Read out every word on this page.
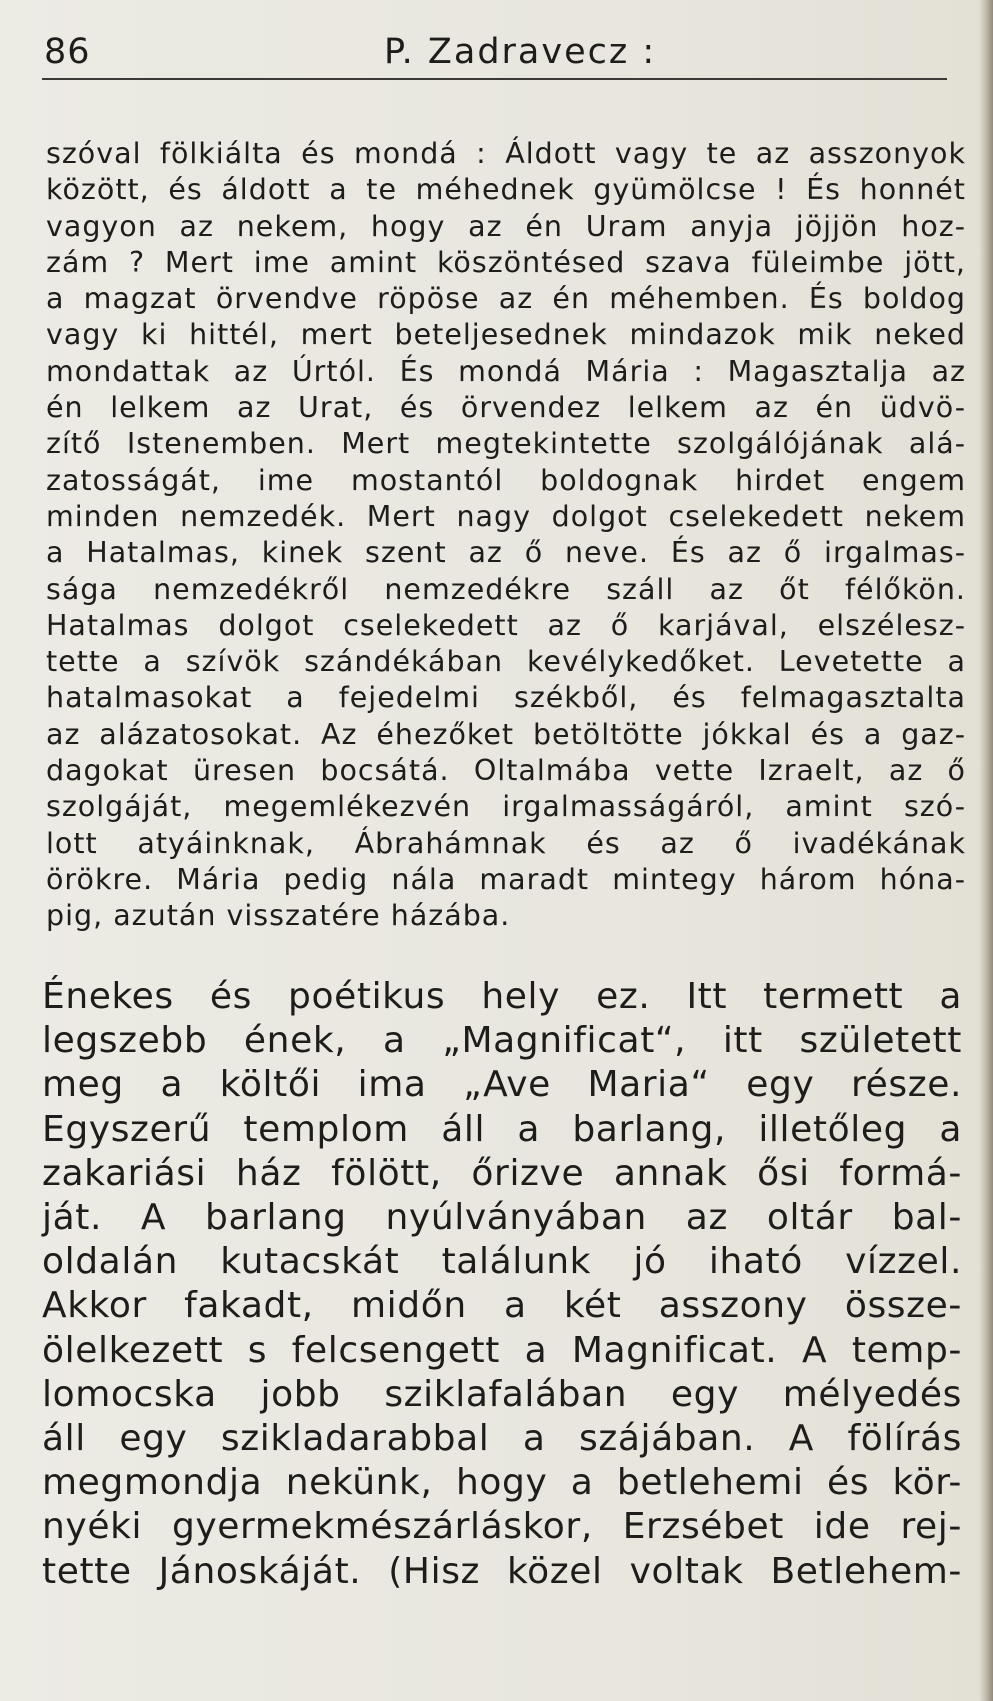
86	P. Zadravecz :
szóval fölkiálta és mondá : Áldott vagy te az asszonyok
között, és áldott a te méhednek gyümölcse ! És honnét
vagyon az nekem, hogy az én Uram anyja jöjjön hoz-
zám ? Mert ime amint köszöntésed szava füleimbe jött,
a magzat örvendve röpöse az én méhemben. És boldog
vagy ki hittél, mert beteljesednek mindazok mik neked
mondattak az Úrtól. És mondá Mária : Magasztalja az
én lelkem az Urat, és örvendez lelkem az én üdvö-
zítő Istenemben. Mert megtekintette szolgálójának alá-
zatosságát, ime mostantól boldognak hirdet engem
minden nemzedék. Mert nagy dolgot cselekedett nekem
a Hatalmas, kinek szent az ő neve. És az ő irgalmas-
sága nemzedékről nemzedékre száll az őt félőkön.
Hatalmas dolgot cselekedett az ő karjával, elszélesz-
tette a szívök szándékában kevélykedőket. Levetette a
hatalmasokat a fejedelmi székből, és felmagasztalta
az alázatosokat. Az éhezőket betöltötte jókkal és a gaz-
dagokat üresen bocsátá. Oltalmába vette Izraelt, az ő
szolgáját, megemlékezvén irgalmasságáról, amint szó-
lott atyáinknak, Ábrahámnak és az ő ivadékának
örökre. Mária pedig nála maradt mintegy három hóna-
pig, azután visszatére házába.
Énekes és poétikus hely ez. Itt termett a
legszebb ének, a „Magnificat“, itt született
meg a költői ima „Ave Maria“ egy része.
Egyszerű templom áll a barlang, illetőleg a
zakariási ház fölött, őrizve annak ősi formá-
ját. A barlang nyúlványában az oltár bal-
oldalán kutacskát találunk jó iható vízzel.
Akkor fakadt, midőn a két asszony össze-
ölelkezett s felcsengett a Magnificat. A temp-
lomocska jobb sziklafalában egy mélyedés
áll egy szikladarabbal a szájában. A fölírás
megmondja nekünk, hogy a betlehemi és kör-
nyéki gyermekmészárláskor, Erzsébet ide rej-
tette Jánoskáját. (Hisz közel voltak Betlehem-
